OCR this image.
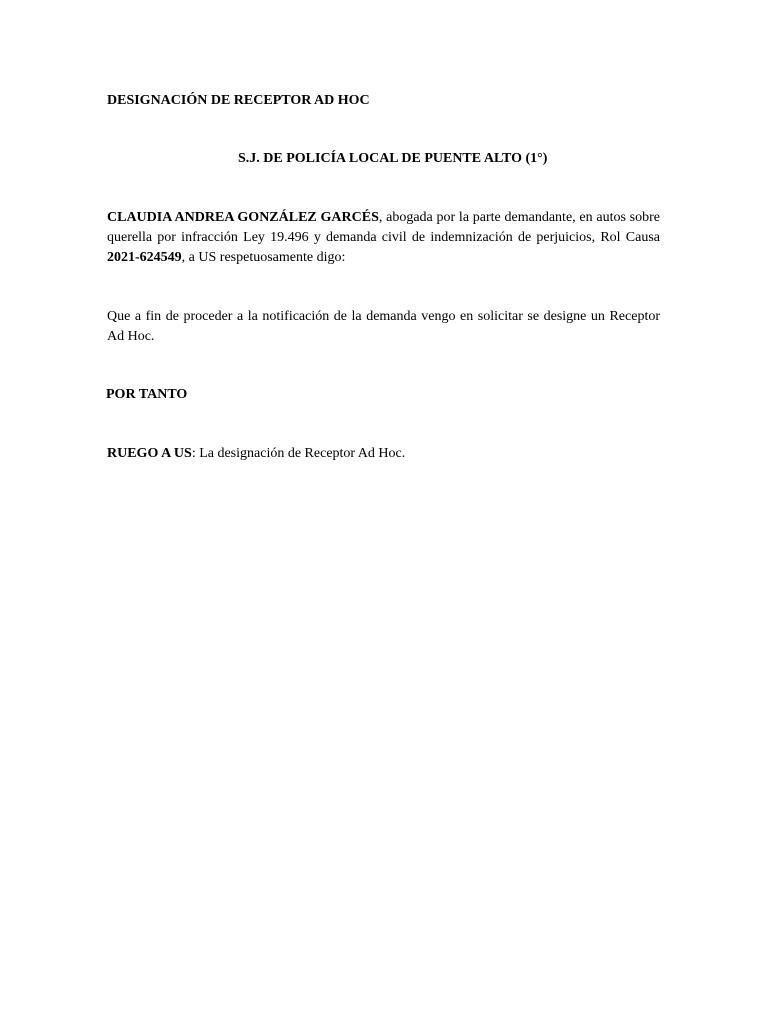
DESIGNACIÓN DE RECEPTOR AD HOC
S.J. DE POLICÍA LOCAL DE PUENTE ALTO (1°)
CLAUDIA ANDREA GONZÁLEZ GARCÉS, abogada por la parte demandante, en autos sobre querella por infracción Ley 19.496 y demanda civil de indemnización de perjuicios, Rol Causa 2021-624549, a US respetuosamente digo:
Que a fin de proceder a la notificación de la demanda vengo en solicitar se designe un Receptor Ad Hoc.
POR TANTO
RUEGO A US: La designación de Receptor Ad Hoc.
